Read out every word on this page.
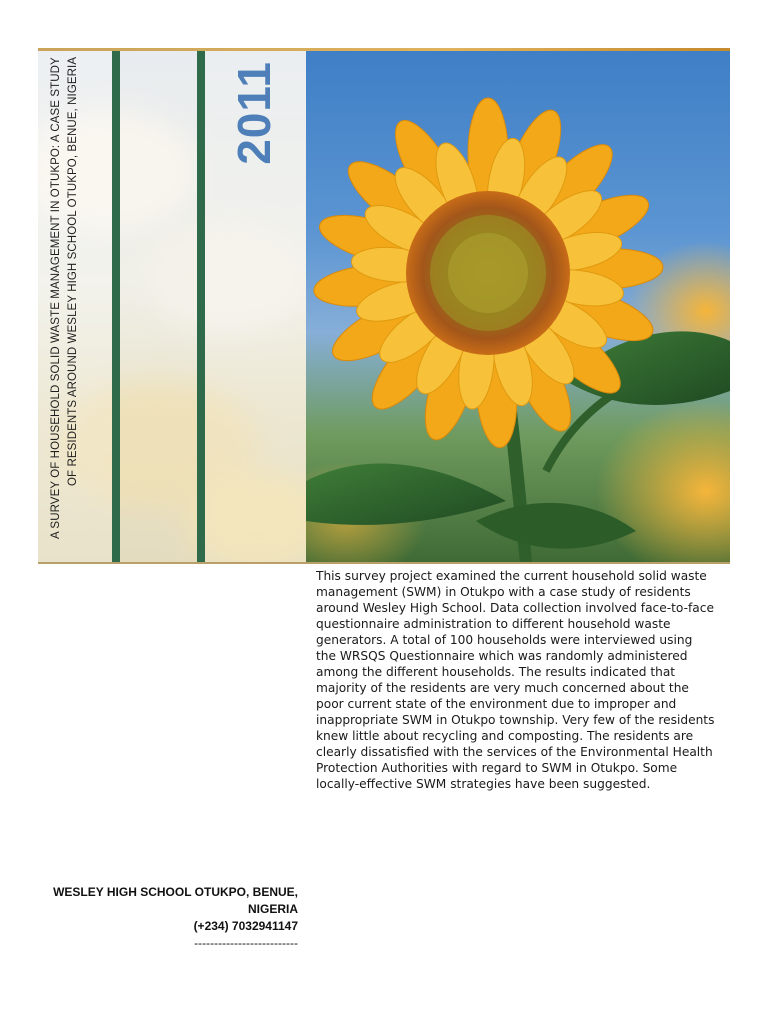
A SURVEY OF HOUSEHOLD SOLID WASTE MANAGEMENT IN OTUKPO: A CASE STUDY OF RESIDENTS AROUND WESLEY HIGH SCHOOL OTUKPO, BENUE, NIGERIA	2011

This survey project examined the current household solid waste management (SWM) in Otukpo with a case study of residents around Wesley High School. Data collection involved face-to-face questionnaire administration to different household waste generators. A total of 100 households were interviewed using the WRSQS Questionnaire which was randomly administered among the different households. The results indicated that majority of the residents are very much concerned about the poor current state of the environment due to improper and inappropriate SWM in Otukpo township. Very few of the residents knew little about recycling and composting. The residents are clearly dissatisfied with the services of the Environmental Health Protection Authorities with regard to SWM in Otukpo. Some locally-effective SWM strategies have been suggested.

WESLEY HIGH SCHOOL OTUKPO, BENUE,
NIGERIA
(+234) 7032941147
--------------------------
